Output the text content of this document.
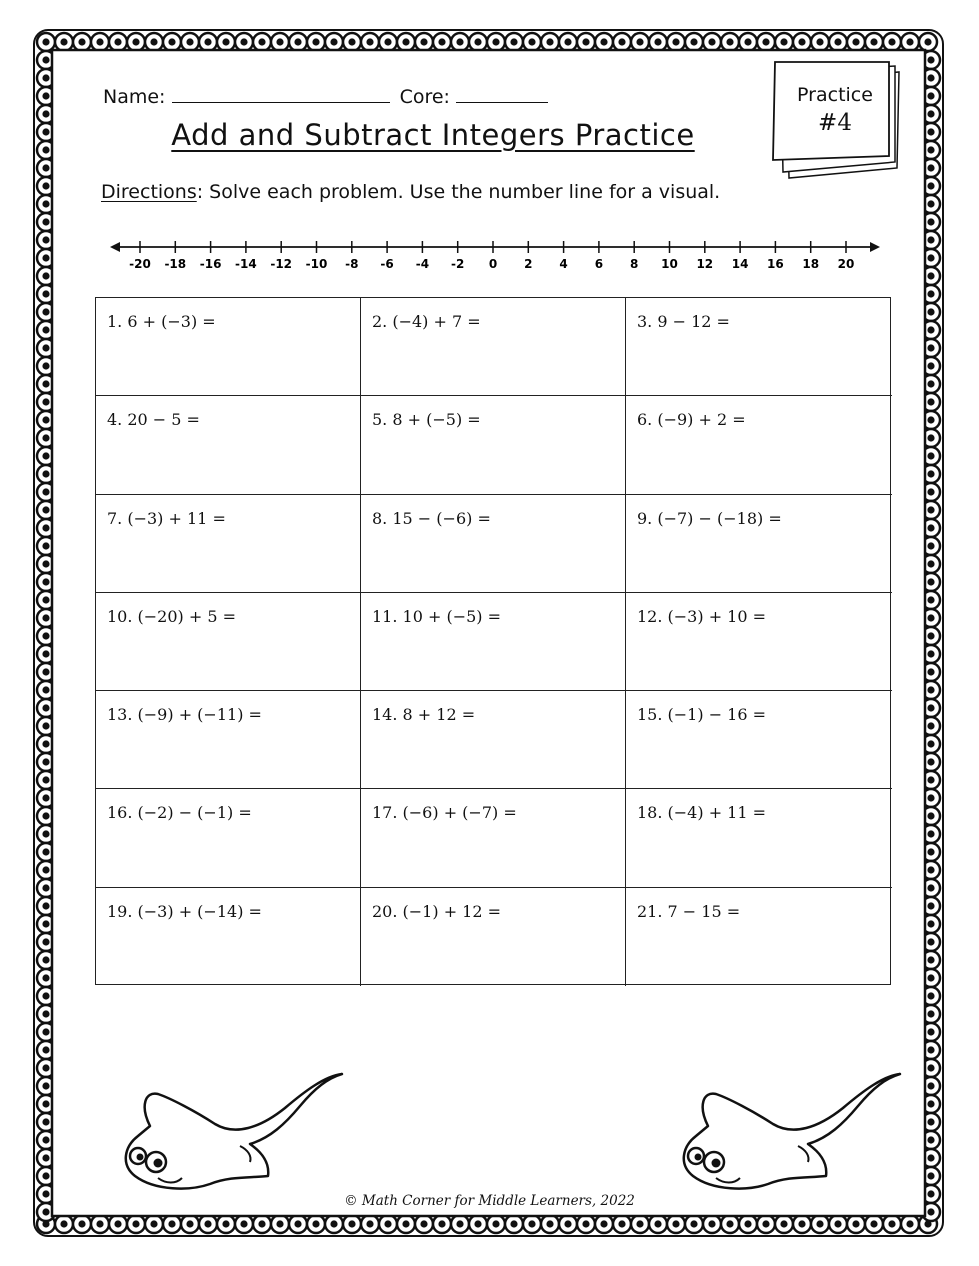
Name:	Core:
Add and Subtract Integers Practice
Practice
#4
Directions: Solve each problem. Use the number line for a visual.
-20 -18 -16 -14 -12 -10 -8 -6 -4 -2 0 2 4 6 8 10 12 14 16 18 20
1. 6 + (−3) =	2. (−4) + 7 =	3. 9 − 12 =
4. 20 − 5 =	5. 8 + (−5) =	6. (−9) + 2 =
7. (−3) + 11 =	8. 15 − (−6) =	9. (−7) − (−18) =
10. (−20) + 5 =	11. 10 + (−5) =	12. (−3) + 10 =
13. (−9) + (−11) =	14. 8 + 12 =	15. (−1) − 16 =
16. (−2) − (−1) =	17. (−6) + (−7) =	18. (−4) + 11 =
19. (−3) + (−14) =	20. (−1) + 12 =	21. 7 − 15 =
© Math Corner for Middle Learners, 2022
